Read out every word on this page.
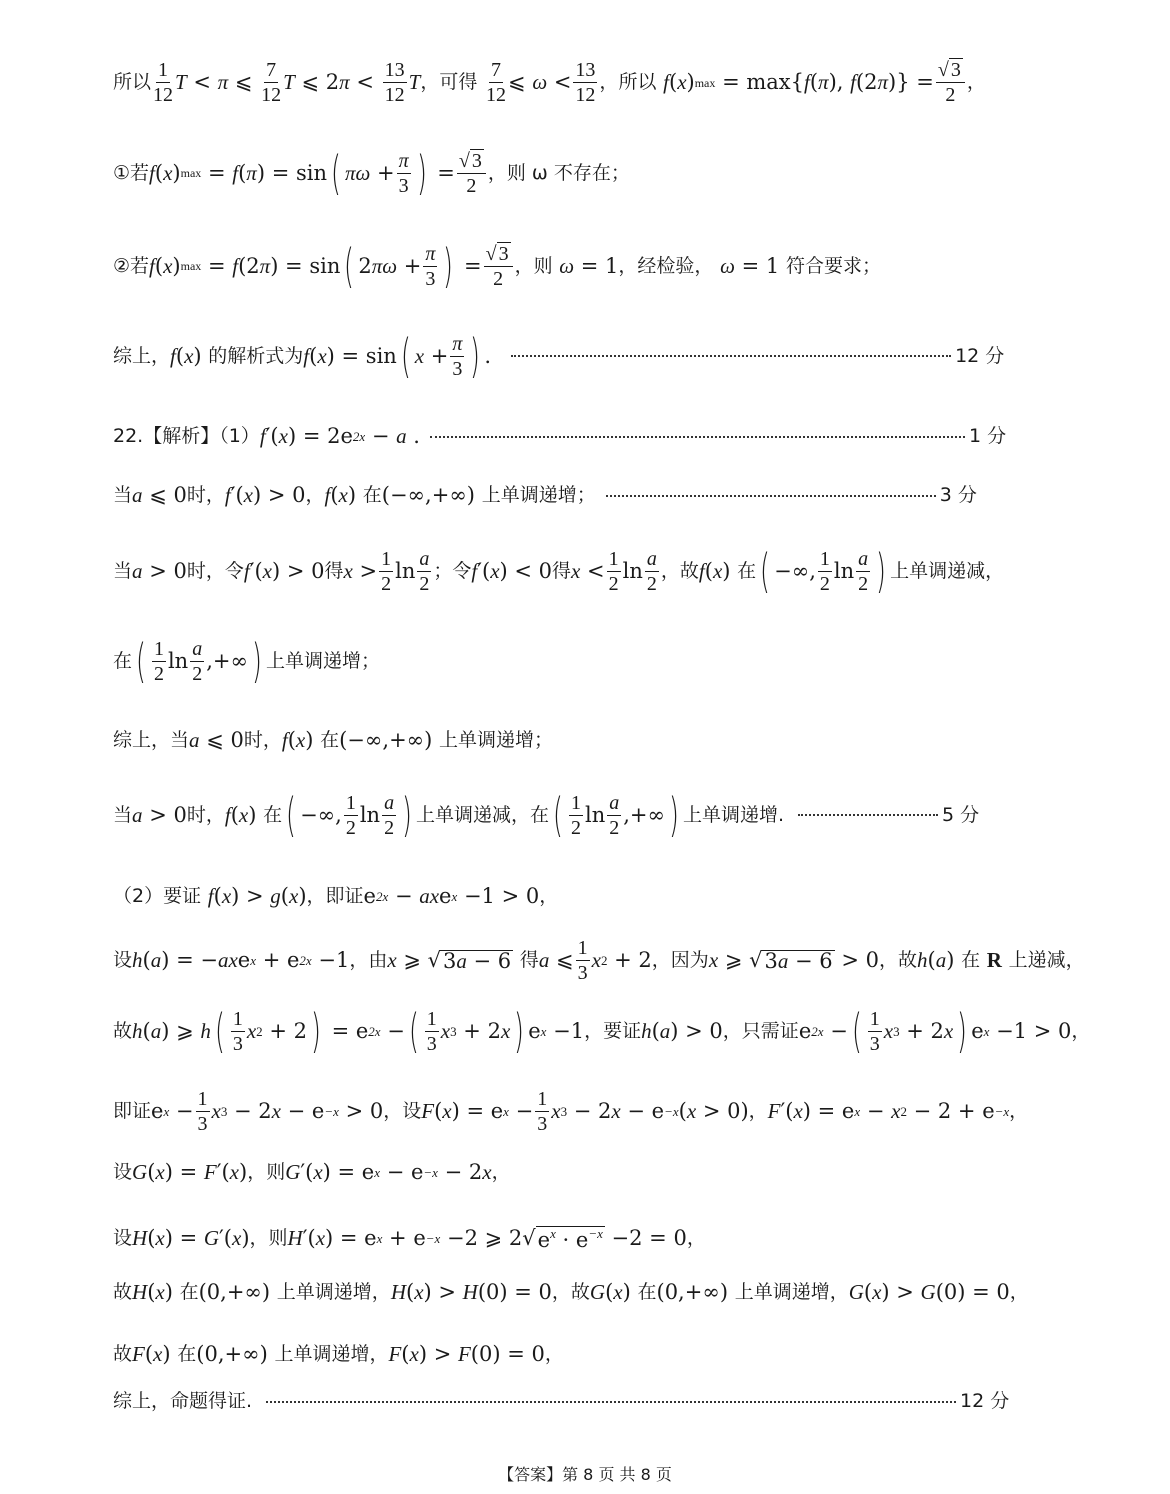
所以 $\frac{1}{12}$ T < π ⩽ $\frac{7}{12}$ T ⩽ 2 $\pi < \frac{13}{12}$ T ， 可得
$\frac{7}{12}$ ⩽ $\omega < \frac{13}{12}$ ， 所以
f ( x ) max = max{ f ( π ), f (2 π )} = $\frac{√ 3}{2}$ ，
①若 f ( x ) max = f ( π ) = sin ( $\pi\omega + \frac{\pi}{3}$ ) = $\frac{√ 3}{2}$ ，则 ω 不存在；
②若 f ( x ) max = f (2 π ) = sin ( 2 $\pi\omega + \frac{\pi}{3}$ ) = $\frac{√ 3}{2}$ ，则
ω = 1 ，经检验，
ω = 1 符合要求；
综上， f ( x ) 的解析式为 f ( x ) = sin ( $x + \frac{\pi}{3}$ ) .	12 分
22.【解析】（1） f ′( x ) = 2e 2x − a .	1 分
当 a ⩽ 0 时， f ′( x ) > 0 ， f ( x ) 在 (−∞,+∞) 上单调递增；	3 分
当 a > 0 时，令 f ′( x ) > 0 得 $x > \frac{1}{2}$ $\ln \frac{a}{2}$ ；令 f ′( x ) < 0 得 $x < \frac{1}{2}$ $\ln \frac{a}{2}$ ，故 f ( x ) 在 ( −∞, $\frac{1}{2}$ $\ln \frac{a}{2}$ ) 上单调递减，
在 ( $\frac{1}{2}$ $\ln \frac{a}{2}$ ,+∞ ) 上单调递增；
综上，当 a ⩽ 0 时， f ( x ) 在 (−∞,+∞) 上单调递增；
当 a > 0 时， f ( x ) 在 ( −∞, $\frac{1}{2}$ $\ln \frac{a}{2}$ ) 上单调递减，在 ( $\frac{1}{2}$ $\ln \frac{a}{2}$ ,+∞ ) 上单调递增.	5 分
（2）要证
f ( x ) > g ( x ) ，即证 e 2x − ax e x −1 > 0 ，
设 h ( a ) = − ax e x + e 2x −1 ，由 x ⩾ √ 3a − 6
得 a ⩽ $\frac{1}{3}$ x 2 + 2 ，因为 x ⩾ √ 3a − 6 > 0 ，故 h ( a ) 在
R
上递减，
故 h ( a ) ⩾ h ( $\frac{1}{3}$ x 2 + 2 ) = e 2x − ( $\frac{1}{3}$ x 3 + 2 x ) e x −1 ，要证 h ( a ) > 0 ，只需证 e 2x − ( $\frac{1}{3}$ x 3 + 2 x ) e x −1 > 0 ，
即证 e $x - \frac{1}{3}$ x 3 − 2 x − e −x > 0 ，设 F ( x ) = e $x - \frac{1}{3}$ x 3 − 2 x − e −x ( x > 0) ， F ′( x ) = e x − x 2 − 2 + e −x ，
设 G ( x ) = F ′( x ) ，则 G ′( x ) = e x − e −x − 2 x ，
设 H ( x ) = G ′( x ) ，则 H ′( x ) = e x + e −x −2 ⩾ 2√ $e^x \cdot e^{-x} -2 = 0$ ，
故 H ( x ) 在 (0,+∞) 上单调递增， H ( x ) > H (0) = 0 ，故 G ( x ) 在 (0,+∞) 上单调递增， G ( x ) > G (0) = 0 ，
故 F ( x ) 在 (0,+∞) 上单调递增， F ( x ) > F (0) = 0 ，
综上，命题得证.	12 分
【答案】第 8 页 共 8 页
